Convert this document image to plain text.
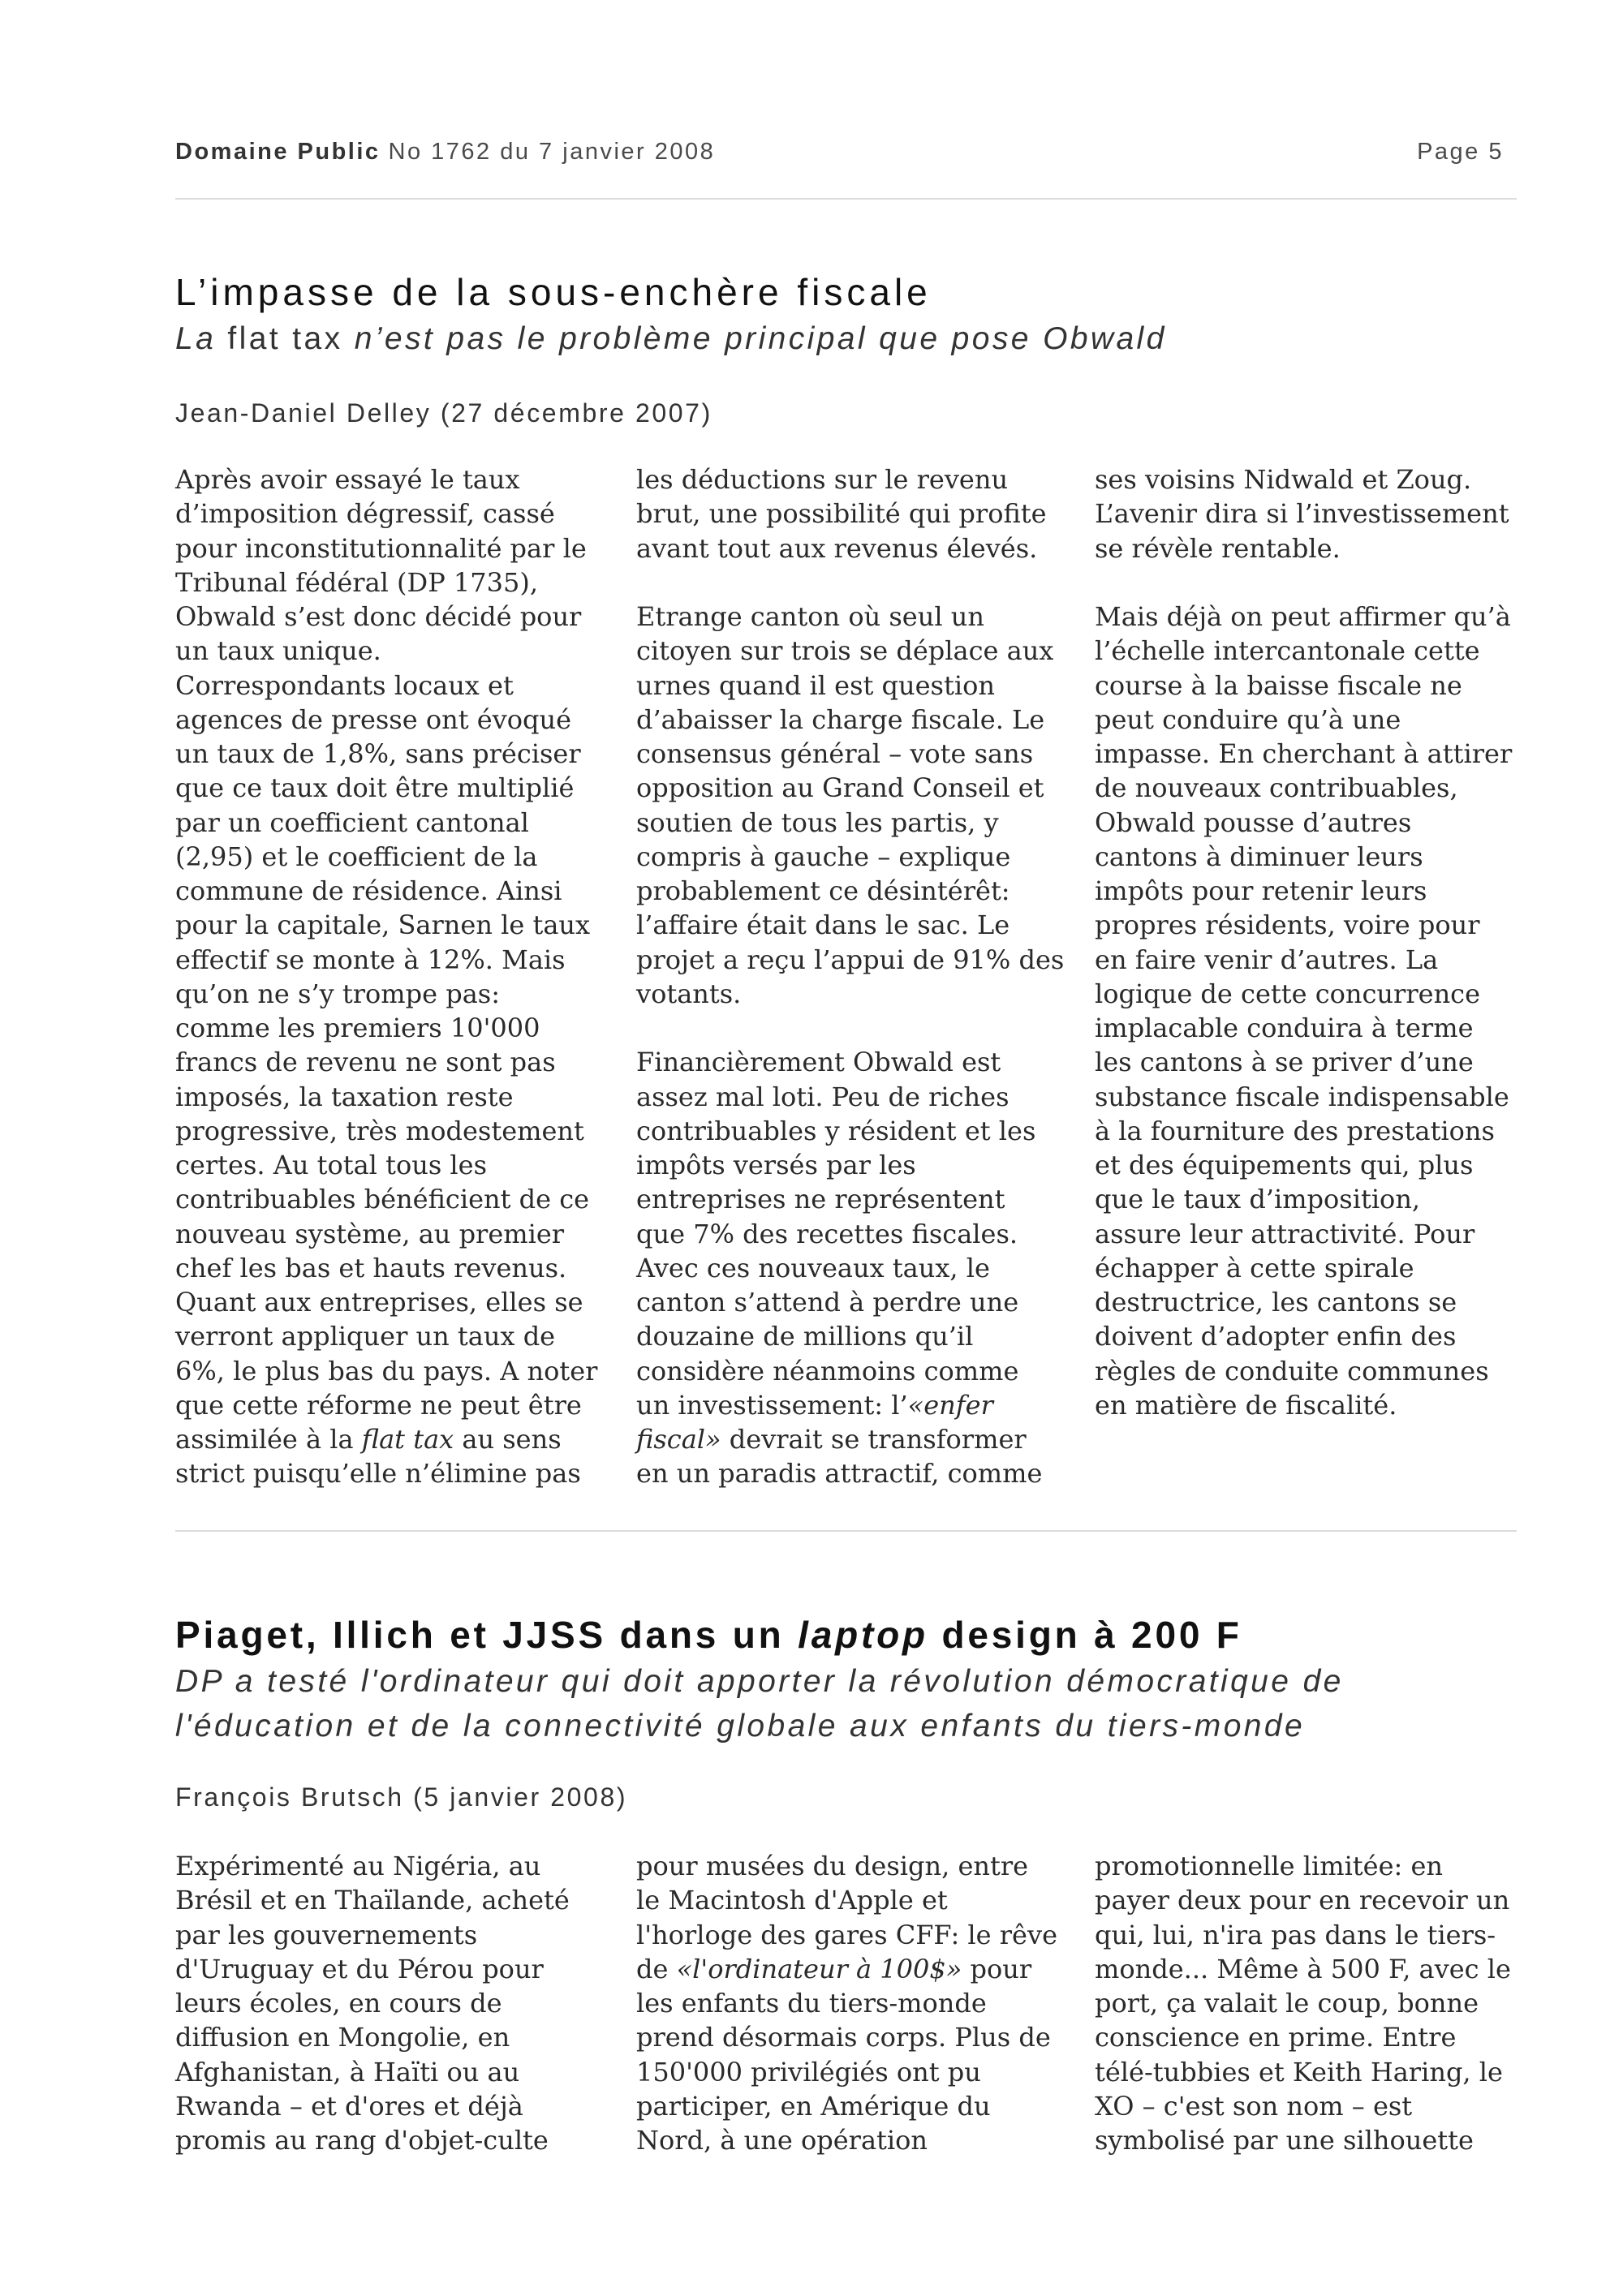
Domaine Public No 1762 du 7 janvier 2008	Page 5
L’impasse de la sous-enchère fiscale
La flat tax n’est pas le problème principal que pose Obwald
Jean-Daniel Delley (27 décembre 2007)
Après avoir essayé le taux
d’imposition dégressif, cassé
pour inconstitutionnalité par le
Tribunal fédéral (DP 1735),
Obwald s’est donc décidé pour
un taux unique.
Correspondants locaux et
agences de presse ont évoqué
un taux de 1,8%, sans préciser
que ce taux doit être multiplié
par un coefficient cantonal
(2,95) et le coefficient de la
commune de résidence. Ainsi
pour la capitale, Sarnen le taux
effectif se monte à 12%. Mais
qu’on ne s’y trompe pas:
comme les premiers 10'000
francs de revenu ne sont pas
imposés, la taxation reste
progressive, très modestement
certes. Au total tous les
contribuables bénéficient de ce
nouveau système, au premier
chef les bas et hauts revenus.
Quant aux entreprises, elles se
verront appliquer un taux de
6%, le plus bas du pays. A noter
que cette réforme ne peut être
assimilée à la flat tax au sens
strict puisqu’elle n’élimine pas
les déductions sur le revenu
brut, une possibilité qui profite
avant tout aux revenus élevés.
Etrange canton où seul un
citoyen sur trois se déplace aux
urnes quand il est question
d’abaisser la charge fiscale. Le
consensus général – vote sans
opposition au Grand Conseil et
soutien de tous les partis, y
compris à gauche – explique
probablement ce désintérêt:
l’affaire était dans le sac. Le
projet a reçu l’appui de 91% des
votants.
Financièrement Obwald est
assez mal loti. Peu de riches
contribuables y résident et les
impôts versés par les
entreprises ne représentent
que 7% des recettes fiscales.
Avec ces nouveaux taux, le
canton s’attend à perdre une
douzaine de millions qu’il
considère néanmoins comme
un investissement: l’«enfer
fiscal» devrait se transformer
en un paradis attractif, comme
ses voisins Nidwald et Zoug.
L’avenir dira si l’investissement
se révèle rentable.
Mais déjà on peut affirmer qu’à
l’échelle intercantonale cette
course à la baisse fiscale ne
peut conduire qu’à une
impasse. En cherchant à attirer
de nouveaux contribuables,
Obwald pousse d’autres
cantons à diminuer leurs
impôts pour retenir leurs
propres résidents, voire pour
en faire venir d’autres. La
logique de cette concurrence
implacable conduira à terme
les cantons à se priver d’une
substance fiscale indispensable
à la fourniture des prestations
et des équipements qui, plus
que le taux d’imposition,
assure leur attractivité. Pour
échapper à cette spirale
destructrice, les cantons se
doivent d’adopter enfin des
règles de conduite communes
en matière de fiscalité.
Piaget, Illich et JJSS dans un laptop design à 200 F
DP a testé l'ordinateur qui doit apporter la révolution démocratique de
l'éducation et de la connectivité globale aux enfants du tiers-monde
François Brutsch (5 janvier 2008)
Expérimenté au Nigéria, au
Brésil et en Thaïlande, acheté
par les gouvernements
d'Uruguay et du Pérou pour
leurs écoles, en cours de
diffusion en Mongolie, en
Afghanistan, à Haïti ou au
Rwanda – et d'ores et déjà
promis au rang d'objet-culte
pour musées du design, entre
le Macintosh d'Apple et
l'horloge des gares CFF: le rêve
de «l'ordinateur à 100$» pour
les enfants du tiers-monde
prend désormais corps. Plus de
150'000 privilégiés ont pu
participer, en Amérique du
Nord, à une opération
promotionnelle limitée: en
payer deux pour en recevoir un
qui, lui, n'ira pas dans le tiers-
monde... Même à 500 F, avec le
port, ça valait le coup, bonne
conscience en prime. Entre
télé-tubbies et Keith Haring, le
XO – c'est son nom – est
symbolisé par une silhouette
